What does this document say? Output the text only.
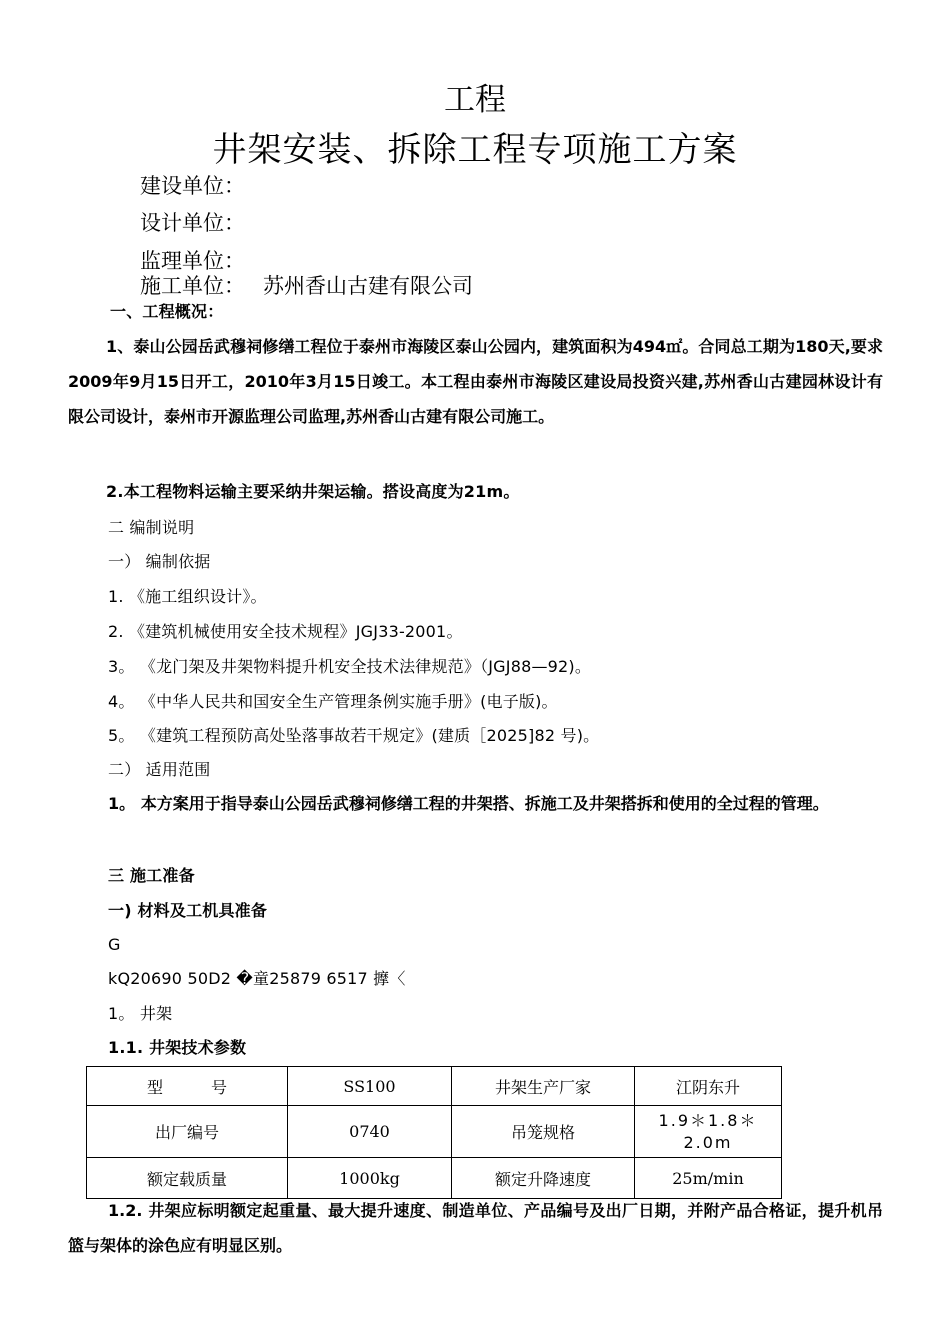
工程
井架安装、拆除工程专项施工方案
建设单位：
设计单位：
监理单位：
施工单位： 苏州香山古建有限公司
一、工程概况：
1、泰山公园岳武穆祠修缮工程位于泰州市海陵区泰山公园内，建筑面积为494㎡。合同总工期为180天,要求2009年9月15日开工，2010年3月15日竣工。本工程由泰州市海陵区建设局投资兴建,苏州香山古建园林设计有限公司设计，泰州市开源监理公司监理,苏州香山古建有限公司施工。
2.本工程物料运输主要采纳井架运输。搭设高度为21m。
二 编制说明
一） 编制依据
1. 《施工组织设计》。
2. 《建筑机械使用安全技术规程》JGJ33-2001。
3。 《龙门架及井架物料提升机安全技术法律规范》（JGJ88—92)。
4。 《中华人民共和国安全生产管理条例实施手册》(电子版)。
5。 《建筑工程预防高处坠落事故若干规定》(建质［2025]82 号)。
二） 适用范围
1。 本方案用于指导泰山公园岳武穆祠修缮工程的井架搭、拆施工及井架搭拆和使用的全过程的管理。
三 施工准备
一) 材料及工机具准备
G
kQ20690 50D2 �童25879 6517 擵〈
1。 井架
1.1. 井架技术参数
型　　　号	SS100	井架生产厂家	江阴东升
出厂编号	0740	吊笼规格	1.9＊1.8＊
2.0m
额定载质量	1000kg	额定升降速度	25m/min
1.2. 井架应标明额定起重量、最大提升速度、制造单位、产品编号及出厂日期，并附产品合格证，提升机吊篮与架体的涂色应有明显区别。
